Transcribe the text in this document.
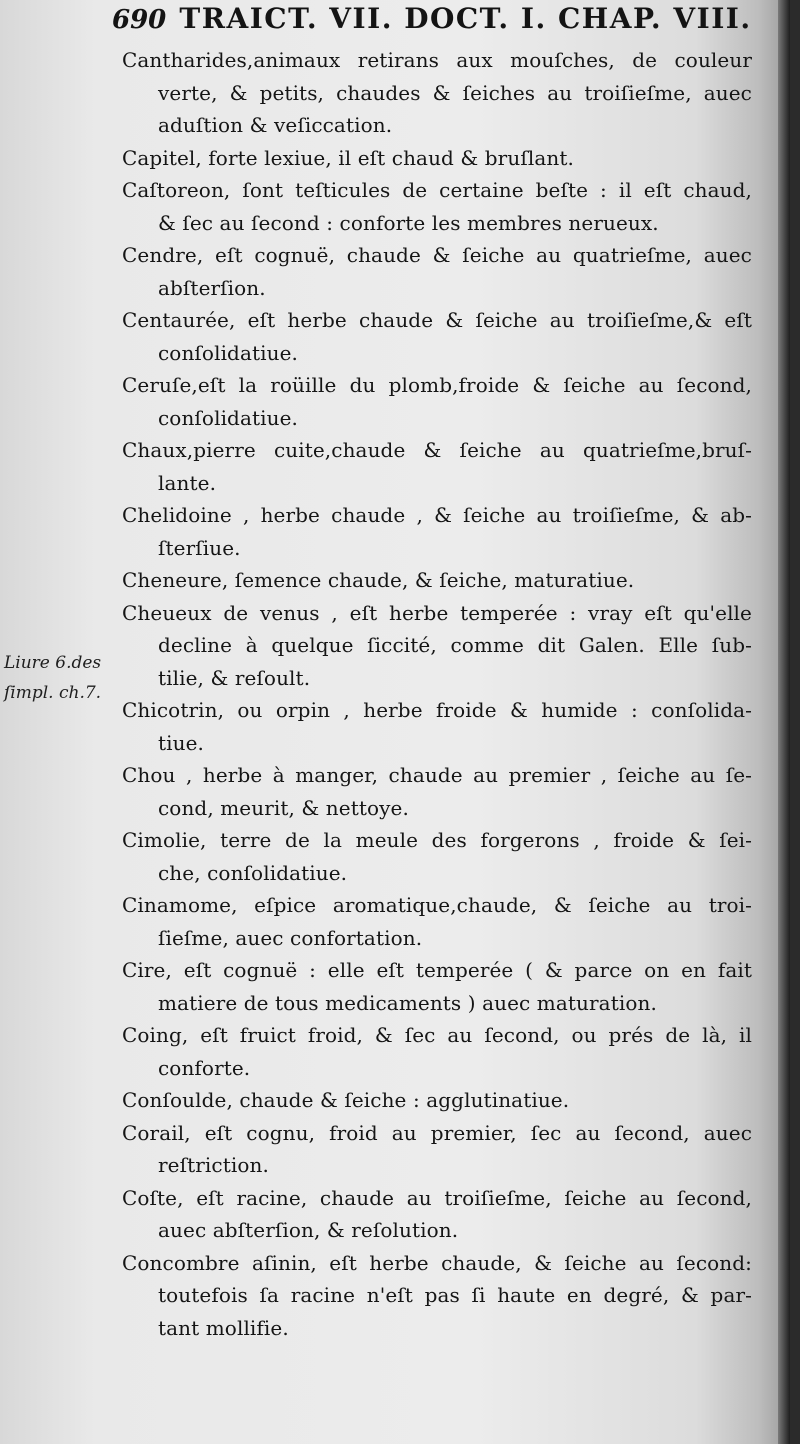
690 TRAICT. VII. DOCT. I. CHAP. VIII.
Liure 6.des
ſimpl. ch.7.
Cantharides,animaux retirans aux mouſches, de couleur
verte, & petits, chaudes & ſeiches au troiſieſme, auec
aduſtion & veſiccation.
Capitel, forte lexiue, il eſt chaud & bruſlant.
Caſtoreon, ſont teſticules de certaine beſte : il eſt chaud,
& ſec au ſecond : conforte les membres nerueux.
Cendre, eſt cognuë, chaude & ſeiche au quatrieſme, auec
abſterſion.
Centaurée, eſt herbe chaude & ſeiche au troiſieſme,& eſt
conſolidatiue.
Ceruſe,eſt la roüille du plomb,froide & ſeiche au ſecond,
conſolidatiue.
Chaux,pierre cuite,chaude & ſeiche au quatrieſme,bruſ-
lante.
Chelidoine , herbe chaude , & ſeiche au troiſieſme, & ab-
ſterſiue.
Cheneure, ſemence chaude, & ſeiche, maturatiue.
Cheueux de venus , eſt herbe temperée : vray eſt qu'elle
decline à quelque ſiccité, comme dit Galen. Elle ſub-
tilie, & reſoult.
Chicotrin, ou orpin , herbe froide & humide : conſolida-
tiue.
Chou , herbe à manger, chaude au premier , ſeiche au ſe-
cond, meurit, & nettoye.
Cimolie, terre de la meule des forgerons , froide & ſei-
che, conſolidatiue.
Cinamome, eſpice aromatique,chaude, & ſeiche au troi-
ſieſme, auec confortation.
Cire, eſt cognuë : elle eſt temperée ( & parce on en fait
matiere de tous medicaments ) auec maturation.
Coing, eſt fruict froid, & ſec au ſecond, ou prés de là, il
conforte.
Conſoulde, chaude & ſeiche : agglutinatiue.
Corail, eſt cognu, froid au premier, ſec au ſecond, auec
reſtriction.
Coſte, eſt racine, chaude au troiſieſme, ſeiche au ſecond,
auec abſterſion, & reſolution.
Concombre aſinin, eſt herbe chaude, & ſeiche au ſecond:
toutefois ſa racine n'eſt pas ſi haute en degré, & par-
tant mollifie.
